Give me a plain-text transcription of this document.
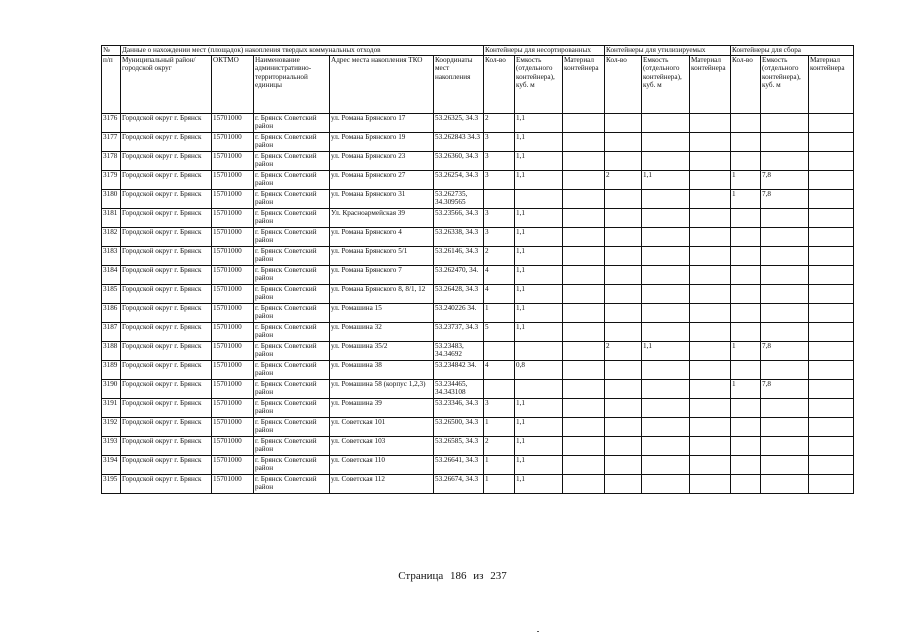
№	Данные о нахождении мест (площадок) накопления твердых коммунальных отходов					Контейнеры для несортированных			Контейнеры для утилизируемых			Контейнеры для сбора		
п/п	Муниципальный район/городской округ	ОКТМО	Наименование административно-территориальной единицы	Адрес места накопления ТКО	Координаты мест накопления	Кол-во	Емкость (отдельного контейнера), куб. м	Материал контейнера	Кол-во	Емкость (отдельного контейнера), куб. м	Материал контейнера	Кол-во	Емкость (отдельного контейнера), куб. м	Материал контейнера
3176	Городской округ г. Брянск	15701000	г. Брянск Советский район	ул. Романа Брянского 17	53.26325, 34.3	2	1,1							
3177	Городской округ г. Брянск	15701000	г. Брянск Советский район	ул. Романа Брянского 19	53.262843 34.3	3	1,1							
3178	Городской округ г. Брянск	15701000	г. Брянск Советский район	ул. Романа Брянского 23	53.26360, 34.3	3	1,1							
3179	Городской округ г. Брянск	15701000	г. Брянск Советский район	ул. Романа Брянского 27	53.26254, 34.3	3	1,1		2	1,1		1	7,8	
3180	Городской округ г. Брянск	15701000	г. Брянск Советский район	ул. Романа Брянского 31	53.262735, 34.309565							1	7,8	
3181	Городской округ г. Брянск	15701000	г. Брянск Советский район	Ул. Красноармейская 39	53.23566, 34.3	3	1,1							
3182	Городской округ г. Брянск	15701000	г. Брянск Советский район	ул. Романа Брянского 4	53.26338, 34.3	3	1,1							
3183	Городской округ г. Брянск	15701000	г. Брянск Советский район	ул. Романа Брянского 5/1	53.26146, 34.3	2	1,1							
3184	Городской округ г. Брянск	15701000	г. Брянск Советский район	ул. Романа Брянского 7	53.262470, 34.	4	1,1							
3185	Городской округ г. Брянск	15701000	г. Брянск Советский район	ул. Романа Брянского 8, 8/1, 12	53.26428, 34.3	4	1,1							
3186	Городской округ г. Брянск	15701000	г. Брянск Советский район	ул. Ромашина 15	53.240226 34.	1	1,1							
3187	Городской округ г. Брянск	15701000	г. Брянск Советский район	ул. Ромашина 32	53.23737, 34.3	5	1,1							
3188	Городской округ г. Брянск	15701000	г. Брянск Советский район	ул. Ромашина 35/2	53.23483, 34.34692				2	1,1		1	7,8	
3189	Городской округ г. Брянск	15701000	г. Брянск Советский район	ул. Ромашина 38	53.234842 34.	4	0,8							
3190	Городской округ г. Брянск	15701000	г. Брянск Советский район	ул. Ромашина 58 (корпус 1,2,3)	53.234465, 34.343108							1	7,8	
3191	Городской округ г. Брянск	15701000	г. Брянск Советский район	ул. Ромашина 39	53.23346, 34.3	3	1,1							
3192	Городской округ г. Брянск	15701000	г. Брянск Советский район	ул. Советская 101	53.26500, 34.3	1	1,1							
3193	Городской округ г. Брянск	15701000	г. Брянск Советский район	ул. Советская 103	53.26585, 34.3	2	1,1							
3194	Городской округ г. Брянск	15701000	г. Брянск Советский район	ул. Советская 110	53.26641, 34.3	1	1,1							
3195	Городской округ г. Брянск	15701000	г. Брянск Советский район	ул. Советская 112	53.26674, 34.3	1	1,1							
Страница 186 из 237
